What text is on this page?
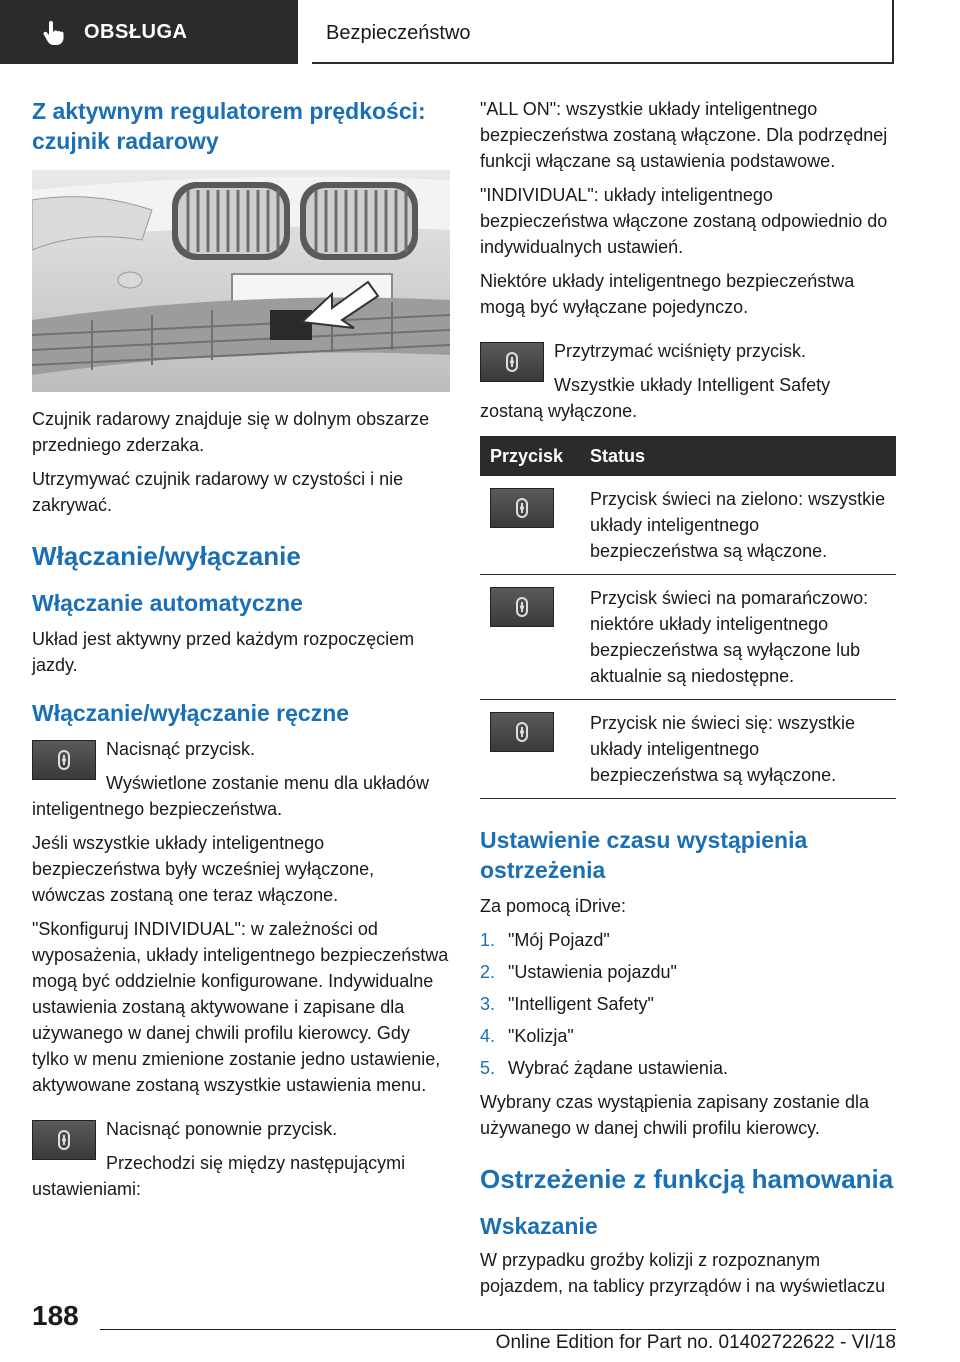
OBSŁUGA	Bezpieczeństwo
Z aktywnym regulatorem prędkości: czujnik radarowy

Czujnik radarowy znajduje się w dolnym obszarze przedniego zderzaka.

Utrzymywać czujnik radarowy w czystości i nie zakrywać.

Włączanie/wyłączanie
Włączanie automatyczne

Układ jest aktywny przed każdym rozpoczęciem jazdy.

Włączanie/wyłączanie ręczne

Nacisnąć przycisk.

Wyświetlone zostanie menu dla układów inteligentnego bezpieczeństwa.

Jeśli wszystkie układy inteligentnego bezpieczeństwa były wcześniej wyłączone, wówczas zostaną one teraz włączone.

"Skonfiguruj INDIVIDUAL": w zależności od wyposażenia, układy inteligentnego bezpieczeństwa mogą być oddzielnie konfigurowane. Indywidualne ustawienia zostaną aktywowane i zapisane dla używanego w danej chwili profilu kierowcy. Gdy tylko w menu zmienione zostanie jedno ustawienie, aktywowane zostaną wszystkie ustawienia menu.

Nacisnąć ponownie przycisk.

Przechodzi się między następującymi ustawieniami:

"ALL ON": wszystkie układy inteligentnego bezpieczeństwa zostaną włączone. Dla podrzędnej funkcji włączane są ustawienia podstawowe.

"INDIVIDUAL": układy inteligentnego bezpieczeństwa włączone zostaną odpowiednio do indywidualnych ustawień.

Niektóre układy inteligentnego bezpieczeństwa mogą być wyłączane pojedynczo.

Przytrzymać wciśnięty przycisk.

Wszystkie układy Intelligent Safety zostaną wyłączone.

Przycisk	Status

	Przycisk świeci na zielono: wszystkie układy inteligentnego bezpieczeństwa są włączone.

	Przycisk świeci na pomarańczowo: niektóre układy inteligentnego bezpieczeństwa są wyłączone lub aktualnie są niedostępne.

	Przycisk nie świeci się: wszystkie układy inteligentnego bezpieczeństwa są wyłączone.
Ustawienie czasu wystąpienia ostrzeżenia

Za pomocą iDrive:

1. "Mój Pojazd"
2. "Ustawienia pojazdu"
3. "Intelligent Safety"
4. "Kolizja"
5. Wybrać żądane ustawienia.

Wybrany czas wystąpienia zapisany zostanie dla używanego w danej chwili profilu kierowcy.

Ostrzeżenie z funkcją hamowania
Wskazanie

W przypadku groźby kolizji z rozpoznanym pojazdem, na tablicy przyrządów i na wyświetlaczu

188
Online Edition for Part no. 01402722622 - VI/18
